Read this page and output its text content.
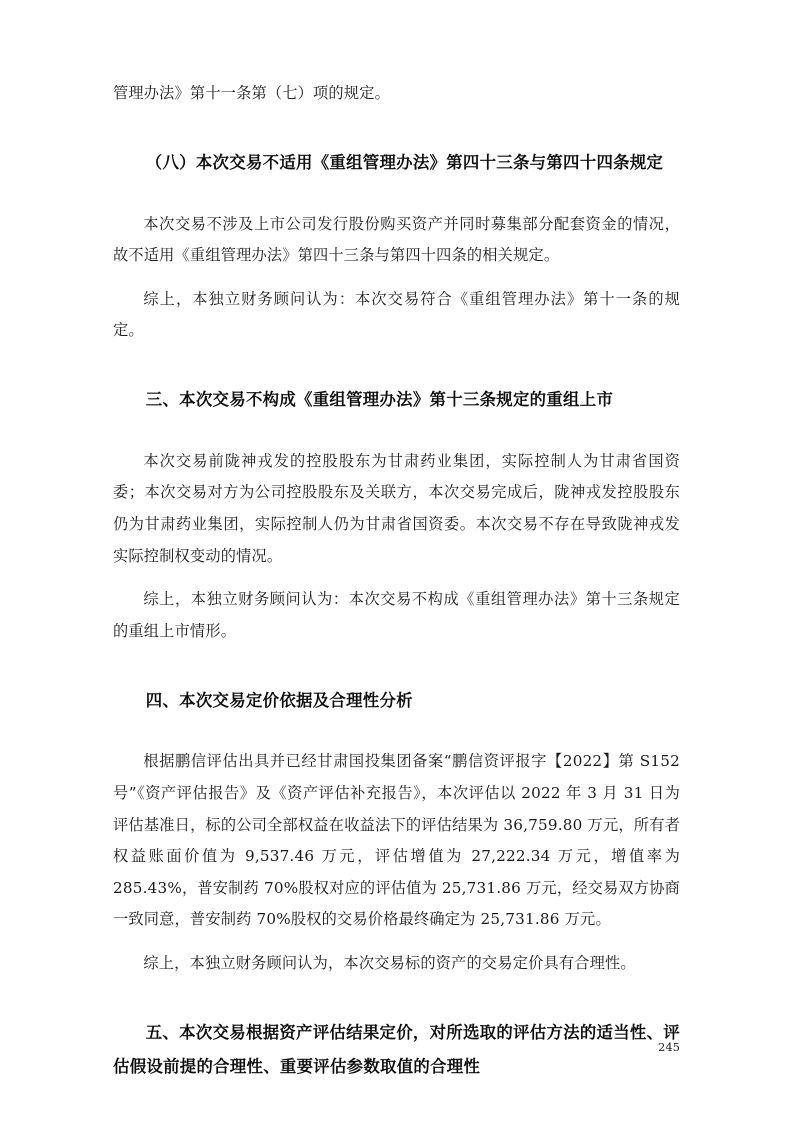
管理办法》第十一条第（七）项的规定。

（八）本次交易不适用《重组管理办法》第四十三条与第四十四条规定

本次交易不涉及上市公司发行股份购买资产并同时募集部分配套资金的情况，故不适用《重组管理办法》第四十三条与第四十四条的相关规定。

综上，本独立财务顾问认为：本次交易符合《重组管理办法》第十一条的规定。

三、本次交易不构成《重组管理办法》第十三条规定的重组上市

本次交易前陇神戎发的控股股东为甘肃药业集团，实际控制人为甘肃省国资委；本次交易对方为公司控股股东及关联方，本次交易完成后，陇神戎发控股股东仍为甘肃药业集团，实际控制人仍为甘肃省国资委。本次交易不存在导致陇神戎发实际控制权变动的情况。

综上，本独立财务顾问认为：本次交易不构成《重组管理办法》第十三条规定的重组上市情形。

四、本次交易定价依据及合理性分析

根据鹏信评估出具并已经甘肃国投集团备案“鹏信资评报字【2022】第 S152 号”《资产评估报告》及《资产评估补充报告》，本次评估以 2022 年 3 月 31 日为评估基准日，标的公司全部权益在收益法下的评估结果为 36,759.80 万元，所有者权益账面价值为 9,537.46 万元，评估增值为 27,222.34 万元，增值率为 285.43%，普安制药 70%股权对应的评估值为 25,731.86 万元，经交易双方协商一致同意，普安制药 70%股权的交易价格最终确定为 25,731.86 万元。

综上，本独立财务顾问认为，本次交易标的资产的交易定价具有合理性。

五、本次交易根据资产评估结果定价，对所选取的评估方法的适当性、评估假设前提的合理性、重要评估参数取值的合理性

245
